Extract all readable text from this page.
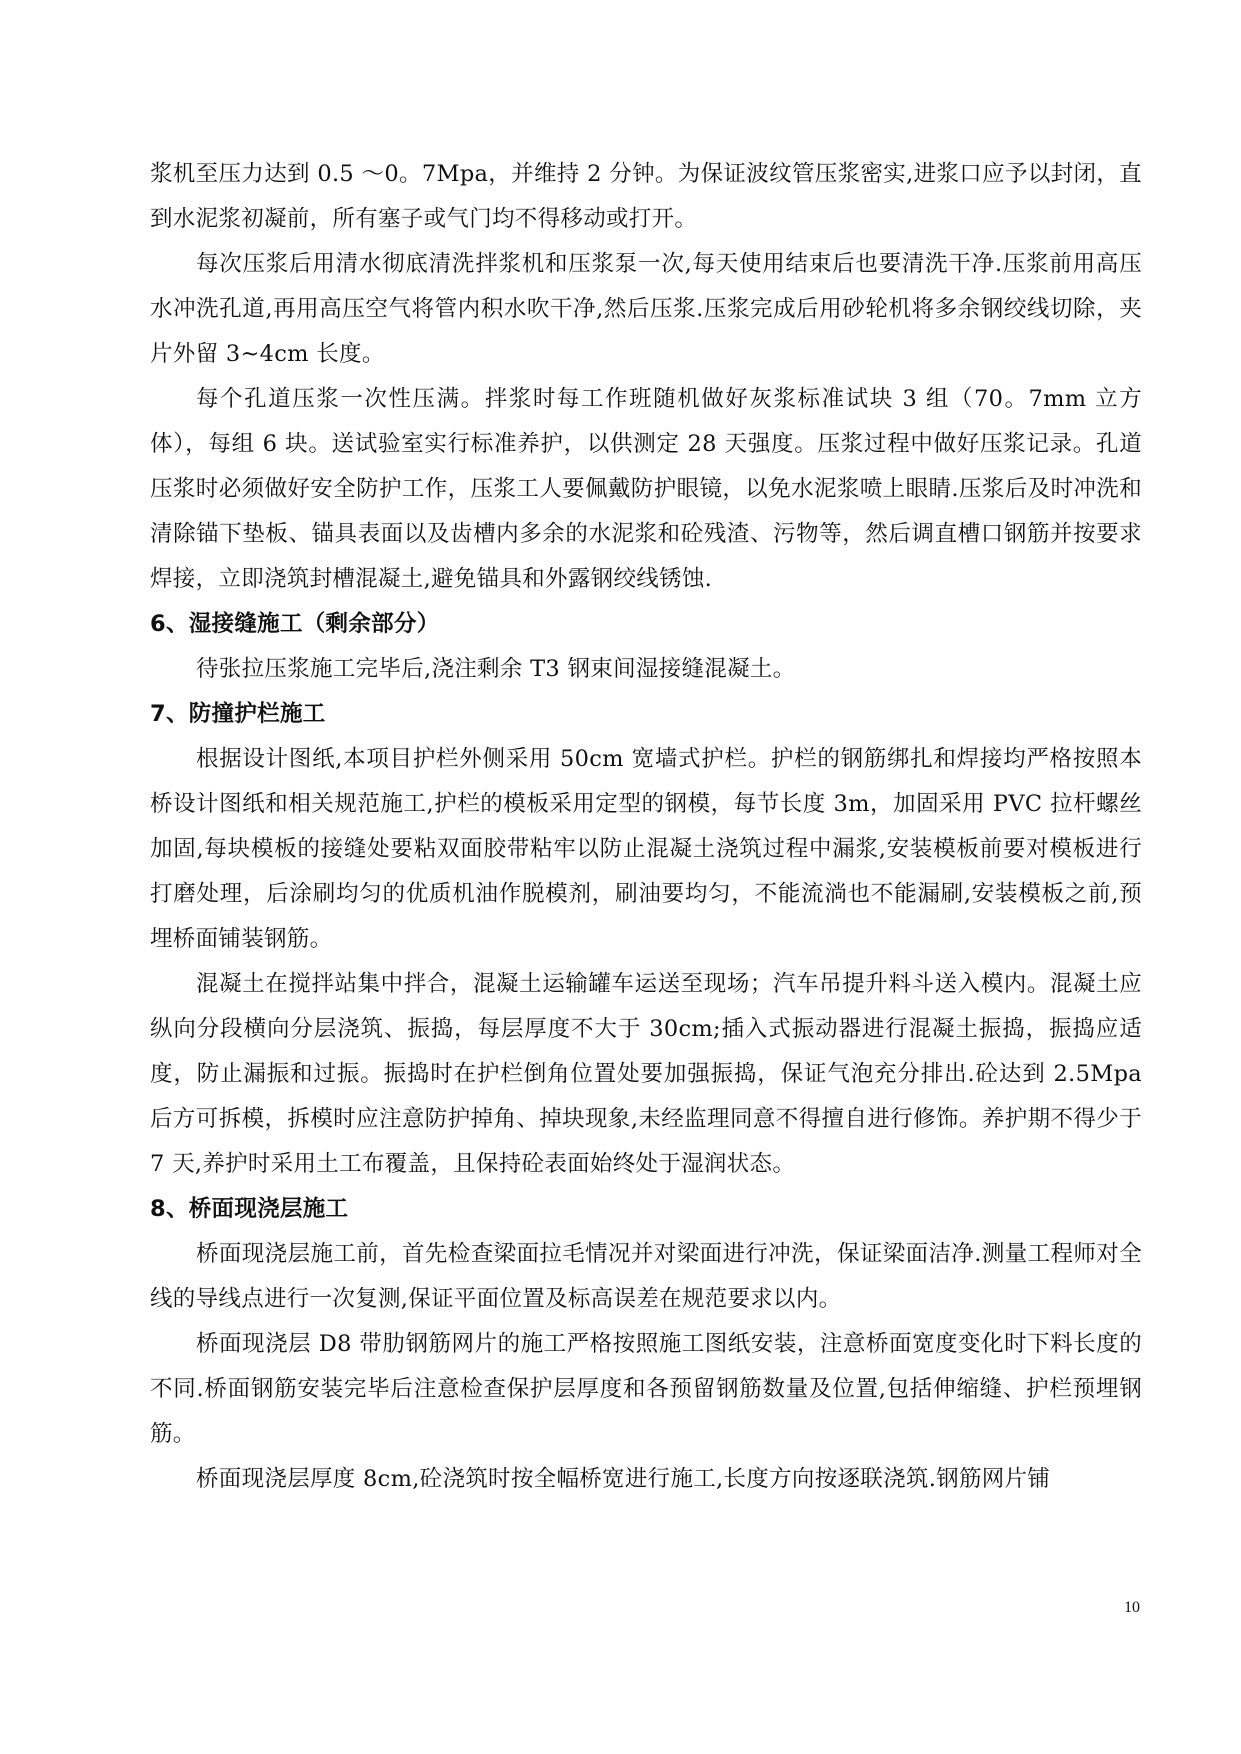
浆机至压力达到 0.5 ～0。7Mpa，并维持 2 分钟。为保证波纹管压浆密实,进浆口应予以封闭，直到水泥浆初凝前，所有塞子或气门均不得移动或打开。

每次压浆后用清水彻底清洗拌浆机和压浆泵一次,每天使用结束后也要清洗干净.压浆前用高压水冲洗孔道,再用高压空气将管内积水吹干净,然后压浆.压浆完成后用砂轮机将多余钢绞线切除，夹片外留 3~4cm 长度。

每个孔道压浆一次性压满。拌浆时每工作班随机做好灰浆标准试块 3 组（70。7mm 立方体），每组 6 块。送试验室实行标准养护，以供测定 28 天强度。压浆过程中做好压浆记录。孔道压浆时必须做好安全防护工作，压浆工人要佩戴防护眼镜，以免水泥浆喷上眼睛.压浆后及时冲洗和清除锚下垫板、锚具表面以及齿槽内多余的水泥浆和砼残渣、污物等，然后调直槽口钢筋并按要求焊接，立即浇筑封槽混凝土,避免锚具和外露钢绞线锈蚀.

6、湿接缝施工（剩余部分）

待张拉压浆施工完毕后,浇注剩余 T3 钢束间湿接缝混凝土。

7、防撞护栏施工

根据设计图纸,本项目护栏外侧采用 50cm 宽墙式护栏。护栏的钢筋绑扎和焊接均严格按照本桥设计图纸和相关规范施工,护栏的模板采用定型的钢模，每节长度 3m，加固采用 PVC 拉杆螺丝加固,每块模板的接缝处要粘双面胶带粘牢以防止混凝土浇筑过程中漏浆,安装模板前要对模板进行打磨处理，后涂刷均匀的优质机油作脱模剂，刷油要均匀，不能流淌也不能漏刷,安装模板之前,预埋桥面铺装钢筋。

混凝土在搅拌站集中拌合，混凝土运输罐车运送至现场；汽车吊提升料斗送入模内。混凝土应纵向分段横向分层浇筑、振捣，每层厚度不大于 30cm;插入式振动器进行混凝土振捣，振捣应适度，防止漏振和过振。振捣时在护栏倒角位置处要加强振捣，保证气泡充分排出.砼达到 2.5Mpa 后方可拆模，拆模时应注意防护掉角、掉块现象,未经监理同意不得擅自进行修饰。养护期不得少于 7 天,养护时采用土工布覆盖，且保持砼表面始终处于湿润状态。

8、桥面现浇层施工

桥面现浇层施工前，首先检查梁面拉毛情况并对梁面进行冲洗，保证梁面洁净.测量工程师对全线的导线点进行一次复测,保证平面位置及标高误差在规范要求以内。

桥面现浇层 D8 带肋钢筋网片的施工严格按照施工图纸安装，注意桥面宽度变化时下料长度的不同.桥面钢筋安装完毕后注意检查保护层厚度和各预留钢筋数量及位置,包括伸缩缝、护栏预埋钢筋。

桥面现浇层厚度 8cm,砼浇筑时按全幅桥宽进行施工,长度方向按逐联浇筑.钢筋网片铺

10
